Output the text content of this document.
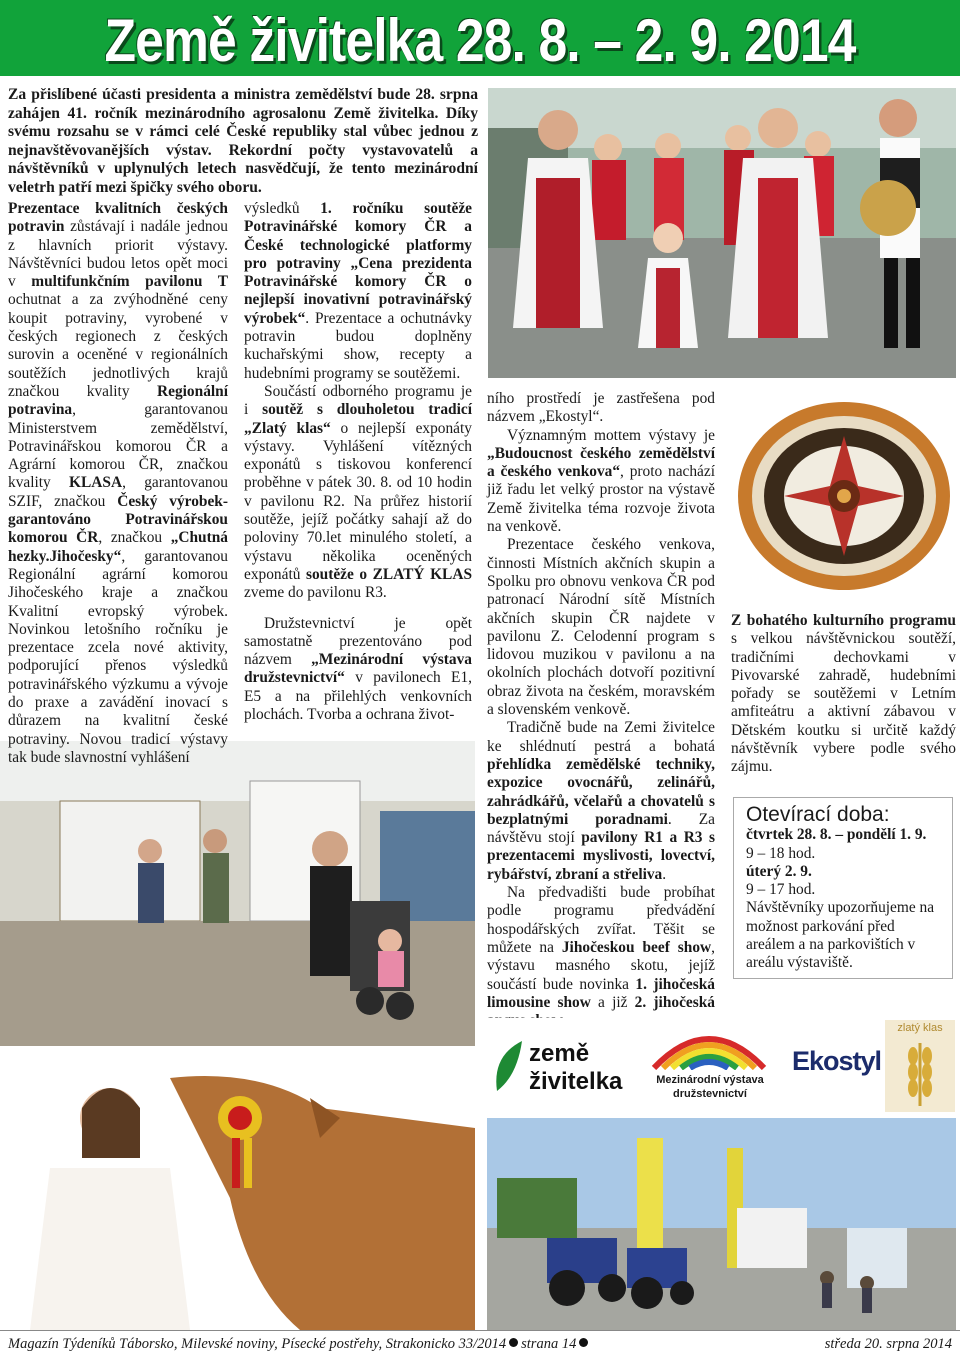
Země živitelka 28. 8. – 2. 9. 2014
Za přislíbené účasti presidenta a ministra zemědělství bude 28. srpna zahájen 41. ročník mezinárodního agrosalonu Země živitelka. Díky svému rozsahu se v rámci celé České republiky stal vůbec jednou z nejnavštěvovanějších výstav. Rekordní počty vystavovatelů a návštěvníků v uplynulých letech nasvědčují, že tento mezinárodní veletrh patří mezi špičky svého oboru.

Prezentace kvalitních českých potravin zůstávají i nadále jednou z hlavních priorit výstavy. Návštěvníci budou letos opět moci v multifunkčním pavilonu T ochutnat a za zvýhodněné ceny koupit potraviny, vyrobené v českých regionech z českých surovin a oceněné v regionálních soutěžích jednotlivých krajů značkou kvality Regionální potravina, garantovanou Ministerstvem zemědělství, Potravinářskou komorou ČR a Agrární komorou ČR, značkou kvality KLASA, garantovanou SZIF, značkou Český výrobek-garantováno Potravinářskou komorou ČR, značkou „Chutná hezky.Jihočesky“, garantovanou Regionální agrární komorou Jihočeského kraje a značkou Kvalitní evropský výrobek. Novinkou letošního ročníku je prezentace zcela nové aktivity, podporující přenos výsledků potravinářského výzkumu a vývoje do praxe a zavádění inovací s důrazem na kvalitní české potraviny. Novou tradicí výstavy tak bude slavnostní vyhlášení

výsledků 1. ročníku soutěže Potravinářské komory ČR a České technologické platformy pro potraviny „Cena prezidenta Potravinářské komory ČR o nejlepší inovativní potravinářský výrobek“. Prezentace a ochutnávky potravin budou doplněny kuchařskými show, recepty a hudebními programy se soutěžemi.

Součástí odborného programu je i soutěž s dlouholetou tradicí „Zlatý klas“ o nejlepší exponáty výstavy. Vyhlášení vítězných exponátů s tiskovou konferencí proběhne v pátek 30. 8. od 10 hodin v pavilonu R2. Na průřez historií soutěže, jejíž počátky sahají až do poloviny 70.let minulého století, a výstavu několika oceněných exponátů soutěže o ZLATÝ KLAS zveme do pavilonu R3.

Družstevnictví je opět samostatně prezentováno pod názvem „Mezinárodní výstava družstevnictví“ v pavilonech E1, E5 a na přilehlých venkovních plochách. Tvorba a ochrana život-

ního prostředí je zastřešena pod názvem „Ekostyl“.

Významným mottem výstavy je „Budoucnost českého zemědělství a českého venkova“, proto nachází již řadu let velký prostor na výstavě Země živitelka téma rozvoje života na venkově.

Prezentace českého venkova, činnosti Místních akčních skupin a Spolku pro obnovu venkova ČR pod patronací Národní sítě Místních akčních skupin ČR najdete v pavilonu Z. Celodenní program s lidovou muzikou v pavilonu a na okolních plochách dotvoří pozitivní obraz života na českém, moravském a slovenském venkově.

Tradičně bude na Zemi živitelce ke shlédnutí pestrá a bohatá přehlídka zemědělské techniky, expozice ovocnářů, zelinářů, zahrádkářů, včelařů a chovatelů s bezplatnými poradnami. Za návštěvu stojí pavilony R1 a R3 s prezentacemi myslivosti, lovectví, rybářství, zbraní a střeliva.

Na předvadišti bude probíhat podle programu předvádění hospodářských zvířat. Těšit se můžete na Jihočeskou beef show, výstavu masného skotu, jejíž součástí bude novinka 1. jihočeská limousine show a již 2. jihočeská

Z bohatého kulturního programu s velkou návštěvnickou soutěží, tradičními dechovkami v Pivovarské zahradě, hudebními pořady se soutěžemi v Letním amfiteátru a aktivní zábavou v Dětském koutku si určitě každý návštěvník vybere podle svého zájmu.
Otevírací doba:
čtvrtek 28. 8. – pondělí 1. 9.
9 – 18 hod.
úterý 2. 9.
9 – 17 hod.
Návštěvníky upozorňujeme na možnost parkování před areálem a na parkovištích v areálu výstaviště.
země
živitelka	Mezinárodní výstava
družstevnictví
Ekostyl
zlatý klas
Magazín Týdeníků Táborsko, Milevské noviny, Písecké postřehy, Strakonicko 33/2014 strana 14	středa 20. srpna 2014
